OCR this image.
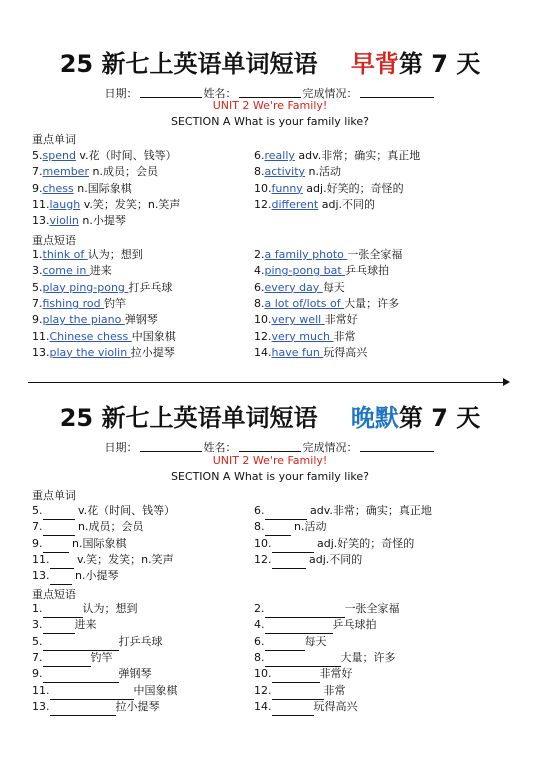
25 新七上英语单词短语 早背第 7 天
日期：	姓名：	完成情况：
UNIT 2 We're Family!
SECTION A What is your family like?
重点单词
5.spend v.花（时间、钱等）	6.really adv.非常；确实；真正地
7.member n.成员；会员	8.activity n.活动
9.chess n.国际象棋	10.funny adj.好笑的；奇怪的
11.laugh v.笑；发笑；n.笑声	12.different adj.不同的
13.violin n.小提琴
重点短语
1.think of 认为；想到	2.a family photo 一张全家福
3.come in 进来	4.ping-pong bat 乒乓球拍
5.play ping-pong 打乒乓球	6.every day 每天
7.fishing rod 钓竿	8.a lot of/lots of 大量；许多
9.play the piano 弹钢琴	10.very well 非常好
11.Chinese chess 中国象棋	12.very much 非常
13.play the violin 拉小提琴	14.have fun 玩得高兴
25 新七上英语单词短语 晚默第 7 天
日期：	姓名：	完成情况：
UNIT 2 We're Family!
SECTION A What is your family like?
重点单词
5.	v.花（时间、钱等）	6.	adv.非常；确实；真正地
7.	n.成员；会员	8.  n.活动
9.  n.国际象棋	10.	adj.好笑的；奇怪的
11.  v.笑；发笑；n.笑声	12.	adj.不同的
13.  n.小提琴
重点短语
1.	认为；想到	2.	一张全家福
3.	进来	4.	乒乓球拍
5.	打乒乓球	6.	每天
7.	钓竿	8.	大量；许多
9.	弹钢琴	10.	非常好
11.	中国象棋	12.	非常
13.	拉小提琴	14.	玩得高兴
